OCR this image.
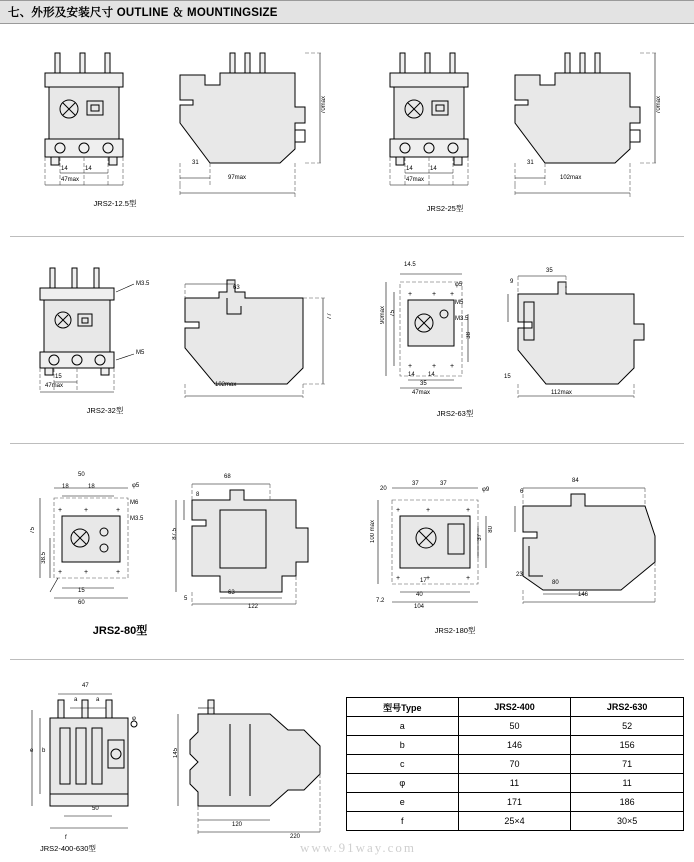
七、外形及安装尺寸 OUTLINE ＆ MOUNTINGSIZE
14	14
47max
31
97max
70max
JRS2-12.5型
14	14
47max
31
102max
70max
JRS2-25型
M3.5
M5
15
47max
63
102max
77
JRS2-32型
+	+ +
+	+ +
14.5
φ5
M5
M3.5
90max 75
38
14 14
35
47max
9
35
15
112max
JRS2-63型
+	+	+
+	+	+
50
18	18	φ5
M6
M3.5
75
38.5
15
60
68
8
87.5
5
63
122
JRS2-80型
+	+	+
+	+	+
20
37	37
φ9
100 max	80
37
17
40
104
7.2
6
84
23
80
146
JRS2-180型
47
a	a
b
e
f
50
φ
145
120
220
JRS2-400-630型
型号Type	JRS2-400	JRS2-630
a	50	52
b	146	156
c	70	71
φ	11	11
e	171	186
f	25×4	30×5
www.91way.com
